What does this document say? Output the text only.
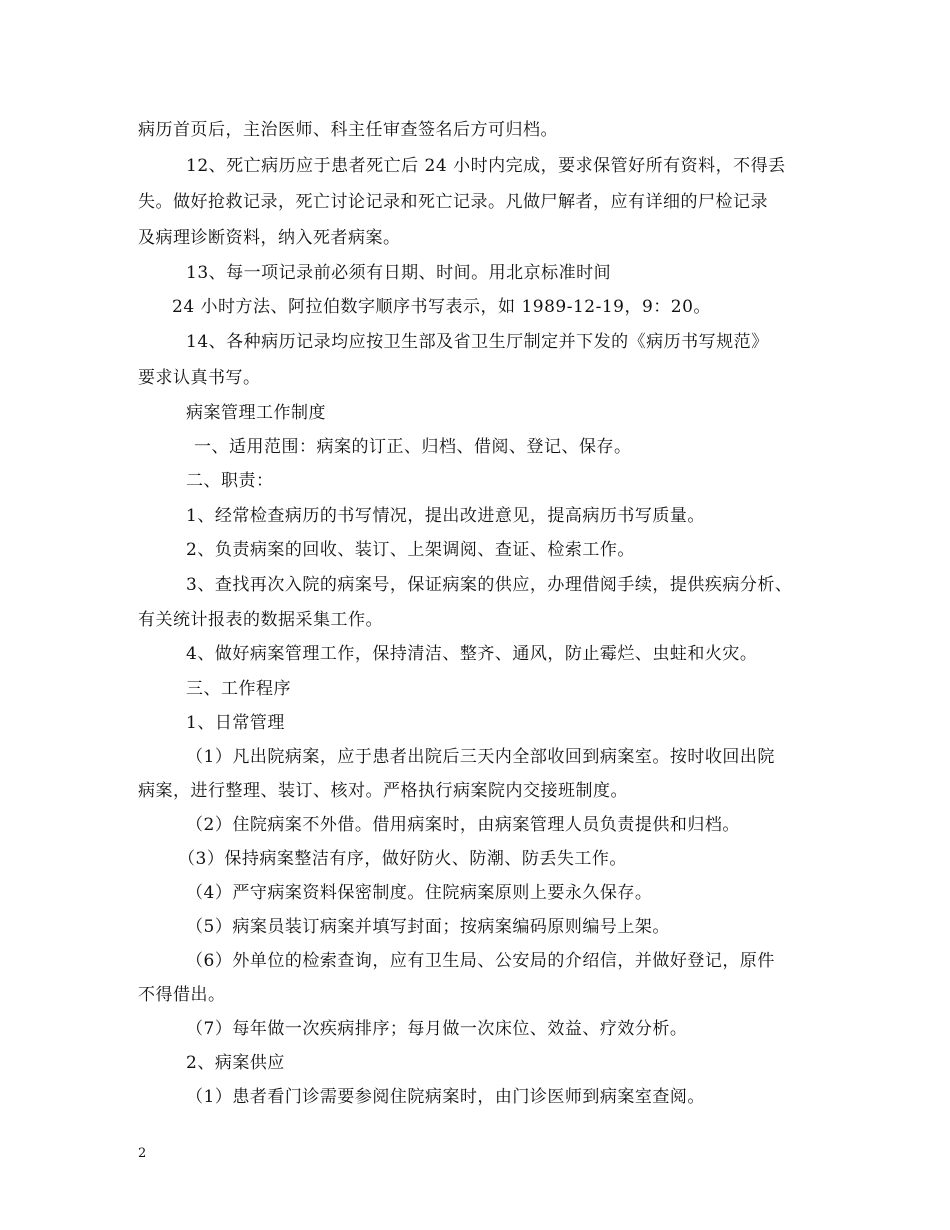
病历首页后，主治医师、科主任审查签名后方可归档。
12、死亡病历应于患者死亡后 24 小时内完成，要求保管好所有资料，不得丢
失。做好抢救记录，死亡讨论记录和死亡记录。凡做尸解者，应有详细的尸检记录
及病理诊断资料，纳入死者病案。
13、每一项记录前必须有日期、时间。用北京标准时间
24 小时方法、阿拉伯数字顺序书写表示，如 1989-12-19，9：20。
14、各种病历记录均应按卫生部及省卫生厅制定并下发的《病历书写规范》
要求认真书写。
病案管理工作制度
一、适用范围：病案的订正、归档、借阅、登记、保存。
二、职责：
1、经常检查病历的书写情况，提出改进意见，提高病历书写质量。
2、负责病案的回收、装订、上架调阅、查证、检索工作。
3、查找再次入院的病案号，保证病案的供应，办理借阅手续，提供疾病分析、
有关统计报表的数据采集工作。
4、做好病案管理工作，保持清洁、整齐、通风，防止霉烂、虫蛀和火灾。
三、工作程序
1、日常管理
（1）凡出院病案，应于患者出院后三天内全部收回到病案室。按时收回出院
病案，进行整理、装订、核对。严格执行病案院内交接班制度。
（2）住院病案不外借。借用病案时，由病案管理人员负责提供和归档。
（3）保持病案整洁有序，做好防火、防潮、防丢失工作。
（4）严守病案资料保密制度。住院病案原则上要永久保存。
（5）病案员装订病案并填写封面；按病案编码原则编号上架。
（6）外单位的检索查询，应有卫生局、公安局的介绍信，并做好登记，原件
不得借出。
（7）每年做一次疾病排序；每月做一次床位、效益、疗效分析。
2、病案供应
（1）患者看门诊需要参阅住院病案时，由门诊医师到病案室查阅。
2
